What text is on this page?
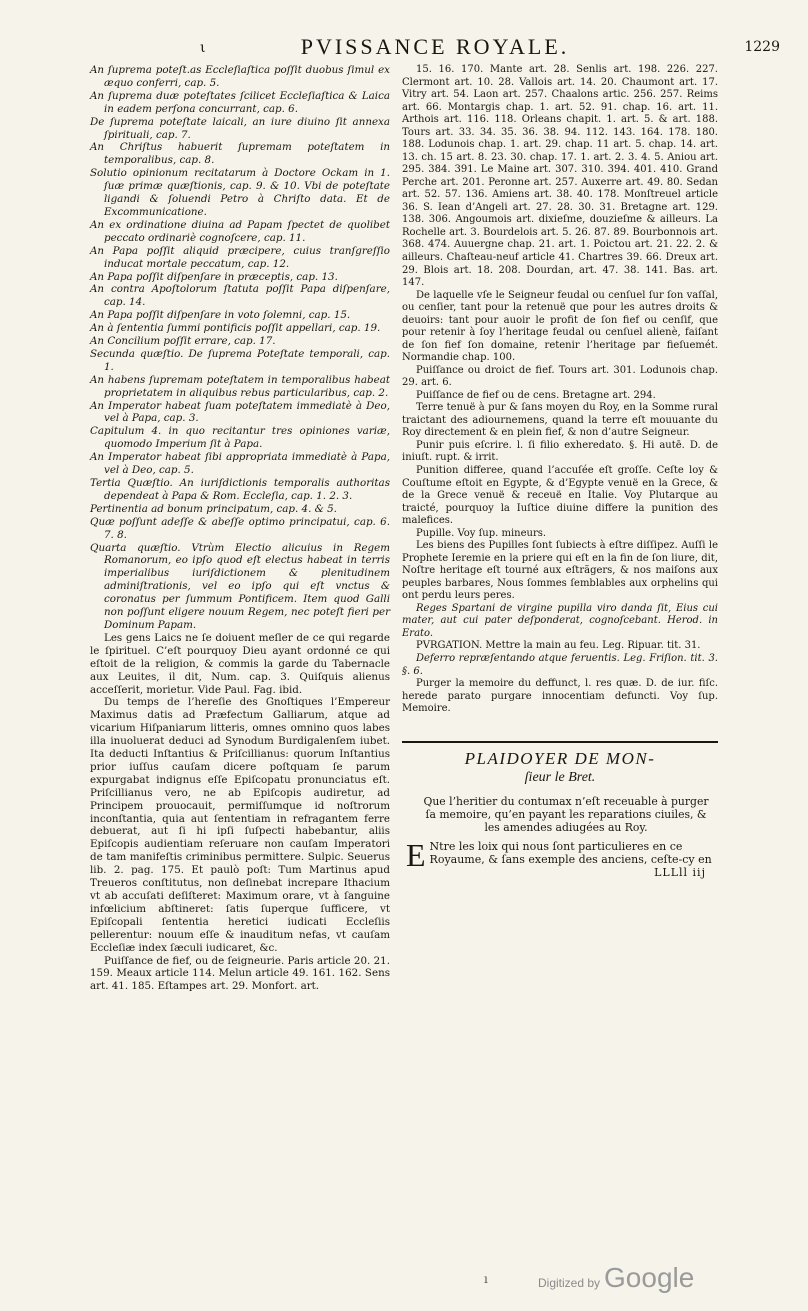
ι	PVISSANCE ROYALE.	1229

An ſuprema poteſt.as Eccleſiaſtica poſſit duobus ſimul ex æquo conferri, cap. 5.

An ſuprema duæ poteſtates ſcilicet Eccleſiaſtica & Laica in eadem perſona concurrant, cap. 6.

De ſuprema poteſtate laicali, an iure diuino ſit annexa ſpirituali, cap. 7.

An Chriſtus habuerit ſupremam poteſtatem in temporalibus, cap. 8.

Solutio opinionum recitatarum à Doctore Ockam in 1. ſuæ primæ quæſtionis, cap. 9. & 10. Vbi de poteſtate ligandi & ſoluendi Petro à Chriſto data. Et de Excommunicatione.

An ex ordinatione diuina ad Papam ſpectet de quolibet peccato ordinariè cognoſcere, cap. 11.

An Papa poſſit aliquid præcipere, cuius tranſgreſſio inducat mortale peccatum, cap. 12.

An Papa poſſit diſpenſare in præceptis, cap. 13.

An contra Apoſtolorum ſtatuta poſſit Papa diſpenſare, cap. 14.

An Papa poſſit diſpenſare in voto ſolemni, cap. 15.

An à ſententia ſummi pontificis poſſit appellari, cap. 19.

An Concilium poſſit errare, cap. 17.

Secunda quæſtio. De ſuprema Poteſtate temporali, cap. 1.

An habens ſupremam poteſtatem in temporalibus habeat proprietatem in aliquibus rebus particularibus, cap. 2.

An Imperator habeat ſuam poteſtatem immediatè à Deo, vel à Papa, cap. 3.

Capitulum 4. in quo recitantur tres opiniones variæ, quomodo Imperium ſit à Papa.

An Imperator habeat ſibi appropriata immediatè à Papa, vel à Deo, cap. 5.

Tertia Quæſtio. An iuriſdictionis temporalis authoritas dependeat à Papa & Rom. Eccleſia, cap. 1. 2. 3.

Pertinentia ad bonum principatum, cap. 4. & 5.

Quæ poſſunt adeſſe & abeſſe optimo principatui, cap. 6. 7. 8.

Quarta quæſtio. Vtrùm Electio alicuius in Regem Romanorum, eo ipſo quod eſt electus habeat in terris imperialibus iuriſdictionem & plenitudinem adminiſtrationis, vel eo ipſo qui eſt vnctus & coronatus per ſummum Pontificem. Item quod Galli non poſſunt eligere nouum Regem, nec poteſt fieri per Dominum Papam.

Les gens Laics ne ſe doiuent meſler de ce qui regarde le ſpirituel. C’eſt pourquoy Dieu ayant ordonné ce qui eſtoit de la religion, & commis la garde du Tabernacle aux Leuites, il dit, Num. cap. 3. Quiſquis alienus acceſſerit, morietur. Vide Paul. Fag. ibid.

Du temps de l’hereſie des Gnoſtiques l’Empereur Maximus datis ad Præfectum Galliarum, atque ad vicarium Hiſpaniarum litteris, omnes omnino quos labes illa inuoluerat deduci ad Synodum Burdigalenſem iubet. Ita deducti Inſtantius & Priſcillianus: quorum Inſtantius prior iuſſus cauſam dicere poſtquam ſe parum expurgabat indignus eſſe Epiſcopatu pronunciatus eſt. Priſcillianus vero, ne ab Epiſcopis audiretur, ad Principem prouocauit, permiſſumque id noſtrorum inconſtantia, quia aut ſententiam in refragantem ferre debuerat, aut ſi hi ipſi ſuſpecti habebantur, aliis Epiſcopis audientiam reſeruare non cauſam Imperatori de tam manifeſtis criminibus permittere. Sulpic. Seuerus lib. 2. pag. 175. Et paulò poſt: Tum Martinus apud Treueros conſtitutus, non deſinebat increpare Ithacium vt ab accuſati deſiſteret: Maximum orare, vt à ſanguine infœlicium abſtineret: ſatis ſuperque ſufficere, vt Epiſcopali ſententia heretici iudicati Eccleſiis pellerentur: nouum eſſe & inauditum nefas, vt cauſam Eccleſiæ index ſæculi iudicaret, &c.

Puiſſance de fief, ou de ſeigneurie. Paris article 20. 21. 159. Meaux article 114. Melun article 49. 161. 162. Sens art. 41. 185. Eſtampes art. 29. Monfort. art.

15. 16. 170. Mante art. 28. Senlis art. 198. 226. 227. Clermont art. 10. 28. Vallois art. 14. 20. Chaumont art. 17. Vitry art. 54. Laon art. 257. Chaalons artic. 256. 257. Reims art. 66. Montargis chap. 1. art. 52. 91. chap. 16. art. 11. Arthois art. 116. 118. Orleans chapit. 1. art. 5. & art. 188. Tours art. 33. 34. 35. 36. 38. 94. 112. 143. 164. 178. 180. 188. Lodunois chap. 1. art. 29. chap. 11 art. 5. chap. 14. art. 13. ch. 15 art. 8. 23. 30. chap. 17. 1. art. 2. 3. 4. 5. Aniou art. 295. 384. 391. Le Maine art. 307. 310. 394. 401. 410. Grand Perche art. 201. Peronne art. 257. Auxerre art. 49. 80. Sedan art. 52. 57. 136. Amiens art. 38. 40. 178. Monſtreuel article 36. S. Iean d’Angeli art. 27. 28. 30. 31. Bretagne art. 129. 138. 306. Angoumois art. dixieſme, douzieſme & ailleurs. La Rochelle art. 3. Bourdelois art. 5. 26. 87. 89. Bourbonnois art. 368. 474. Auuergne chap. 21. art. 1. Poictou art. 21. 22. 2. & ailleurs. Chaſteau-neuf article 41. Chartres 39. 66. Dreux art. 29. Blois art. 18. 208. Dourdan, art. 47. 38. 141. Bas. art. 147.

De laquelle vſe le Seigneur feudal ou cenſuel ſur ſon vaſſal, ou cenſier, tant pour la retenuë que pour les autres droits & deuoirs: tant pour auoir le profit de ſon fief ou cenſif, que pour retenir à ſoy l’heritage feudal ou cenſuel alienè, faiſant de ſon fief ſon domaine, retenir l’heritage par fieſuemét. Normandie chap. 100.

Puiſſance ou droict de fief. Tours art. 301. Lodunois chap. 29. art. 6.

Puiſſance de fief ou de cens. Bretagne art. 294.

Terre tenuë à pur & ſans moyen du Roy, en la Somme rural traictant des adiournemens, quand la terre eſt mouuante du Roy directement & en plein fief, & non d’autre Seigneur.

Punir puis eſcrire. l. ſi filio exheredato. §. Hi autē. D. de iniuſt. rupt. & irrit.

Punition differee, quand l’accuſée eſt groſſe. Ceſte loy & Couſtume eſtoit en Egypte, & d’Egypte venuë en la Grece, & de la Grece venuë & receuë en Italie. Voy Plutarque au traicté, pourquoy la Iuſtice diuine differe la punition des malefices.

Pupille. Voy ſup. mineurs.

Les biens des Pupilles ſont ſubiects à eſtre diſſipez. Auſſi le Prophete Ieremie en la priere qui eſt en la fin de ſon liure, dit, Noſtre heritage eſt tourné aux eſtrãgers, & nos maiſons aux peuples barbares, Nous ſommes ſemblables aux orphelins qui ont perdu leurs peres.

Reges Spartani de virgine pupilla viro danda ſit, Eius cui mater, aut cui pater deſponderat, cognoſcebant. Herod. in Erato.

PVRGATION. Mettre la main au feu. Leg. Ripuar. tit. 31.

Deferro repræſentando atque feruentis. Leg. Friſion. tit. 3. §. 6.

Purger la memoire du deffunct, l. res quæ. D. de iur. fiſc. herede parato purgare innocentiam defuncti. Voy ſup. Memoire.

PLAIDOYER DE MON-
ſieur le Bret.
Que l’heritier du contumax n’eſt receuable à purger ſa memoire, qu’en payant les reparations ciuiles, & les amendes adiugées au Roy.
E Ntre les loix qui nous ſont particulieres en ce Royaume, & ſans exemple des anciens, ceſte-cy en
LLLll iij
ı	Digitized by Google
